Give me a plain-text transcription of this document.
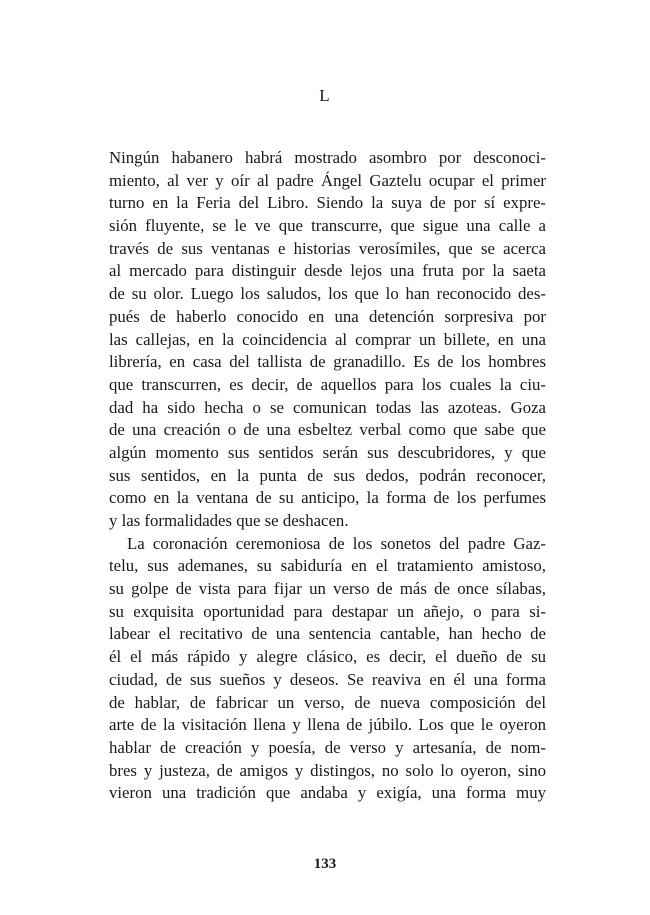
L
Ningún habanero habrá mostrado asombro por desconoci-
miento, al ver y oír al padre Ángel Gaztelu ocupar el primer
turno en la Feria del Libro. Siendo la suya de por sí expre-
sión fluyente, se le ve que transcurre, que sigue una calle a
través de sus ventanas e historias verosímiles, que se acerca
al mercado para distinguir desde lejos una fruta por la saeta
de su olor. Luego los saludos, los que lo han reconocido des-
pués de haberlo conocido en una detención sorpresiva por
las callejas, en la coincidencia al comprar un billete, en una
librería, en casa del tallista de granadillo. Es de los hombres
que transcurren, es decir, de aquellos para los cuales la ciu-
dad ha sido hecha o se comunican todas las azoteas. Goza
de una creación o de una esbeltez verbal como que sabe que
algún momento sus sentidos serán sus descubridores, y que
sus sentidos, en la punta de sus dedos, podrán reconocer,
como en la ventana de su anticipo, la forma de los perfumes
y las formalidades que se deshacen.
La coronación ceremoniosa de los sonetos del padre Gaz-
telu, sus ademanes, su sabiduría en el tratamiento amistoso,
su golpe de vista para fijar un verso de más de once sílabas,
su exquisita oportunidad para destapar un añejo, o para si-
labear el recitativo de una sentencia cantable, han hecho de
él el más rápido y alegre clásico, es decir, el dueño de su
ciudad, de sus sueños y deseos. Se reaviva en él una forma
de hablar, de fabricar un verso, de nueva composición del
arte de la visitación llena y llena de júbilo. Los que le oyeron
hablar de creación y poesía, de verso y artesanía, de nom-
bres y justeza, de amigos y distingos, no solo lo oyeron, sino
vieron una tradición que andaba y exigía, una forma muy
133
